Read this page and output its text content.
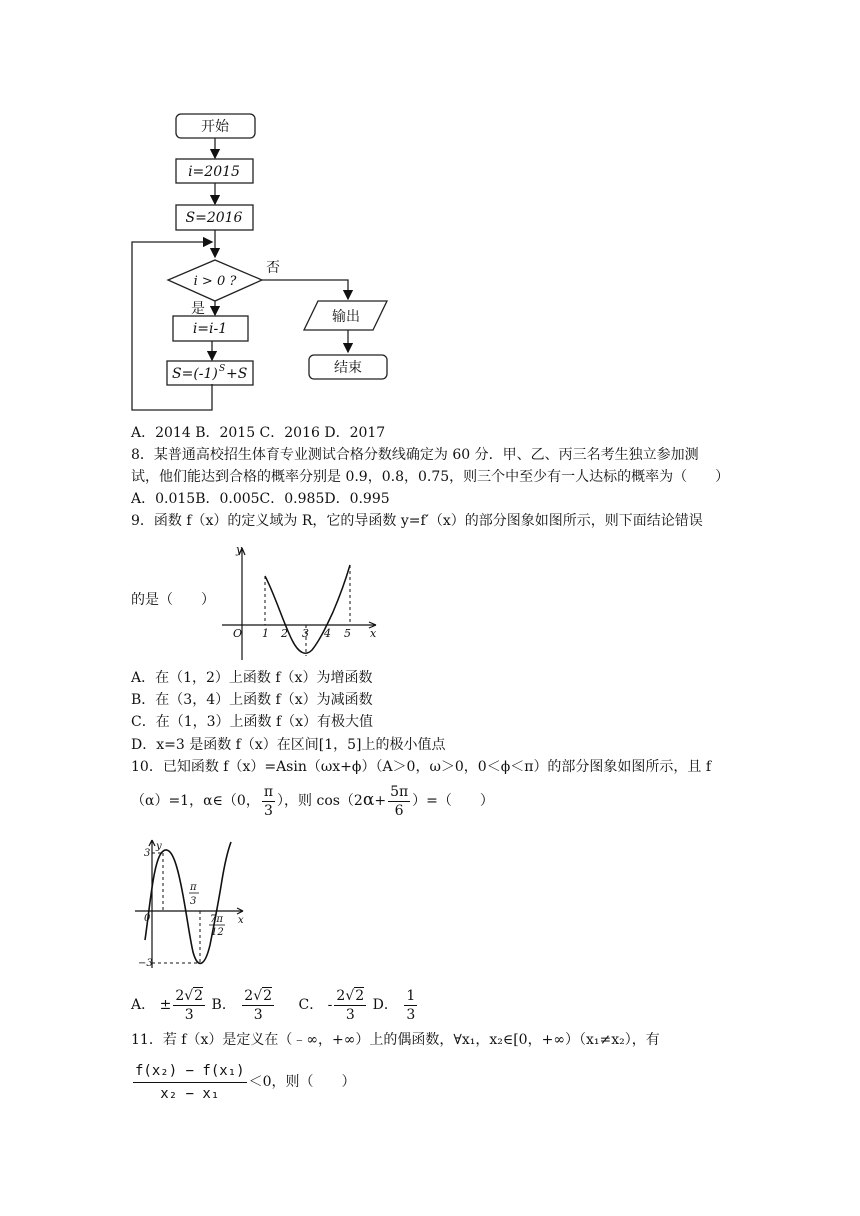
开始
i=2015
S=2016
i > 0 ?
否
是
i=i-1
输出
结束
S=(-1) S +S
A．2014 B．2015 C．2016 D．2017
8．某普通高校招生体育专业测试合格分数线确定为 60 分．甲、乙、丙三名考生独立参加测
试，他们能达到合格的概率分别是 0.9，0.8，0.75，则三个中至少有一人达标的概率为（　　）
A．0.015B．0.005C．0.985D．0.995
9．函数 f（x）的定义域为 R，它的导函数 y=f′（x）的部分图象如图所示，则下面结论错误
的是（　　）
y
x
O 1 2 3 4 5
A．在（1，2）上函数 f（x）为增函数
B．在（3，4）上函数 f（x）为减函数
C．在（1，3）上函数 f（x）有极大值
D．x=3 是函数 f（x）在区间[1，5]上的极小值点
10．已知函数 f（x）=Asin（ωx+ϕ）（A＞0，ω＞0，0＜ϕ＜π）的部分图象如图所示，且 f
（α）=1，α∈（0， $\frac{\pi}{3}$ ），则 $\cos(2\alpha+ \frac{5\pi}{6}$ ）=（　　）
y
x
0
3
−3
π
3
7π
12
A． ± $\frac{2√2}{3}$ B． $\frac{2√2}{3}$ C． - $\frac{2√2}{3}$ D． $\frac{1}{3}$
11．若 f（x）是定义在（﹣∞，+∞）上的偶函数，∀x₁，x₂∈[0，+∞）（x₁≠x₂），有
$\frac{\text{f(x₂) − f(x₁)}}{\text{x₂ − x₁}} <0$，则（　　）
